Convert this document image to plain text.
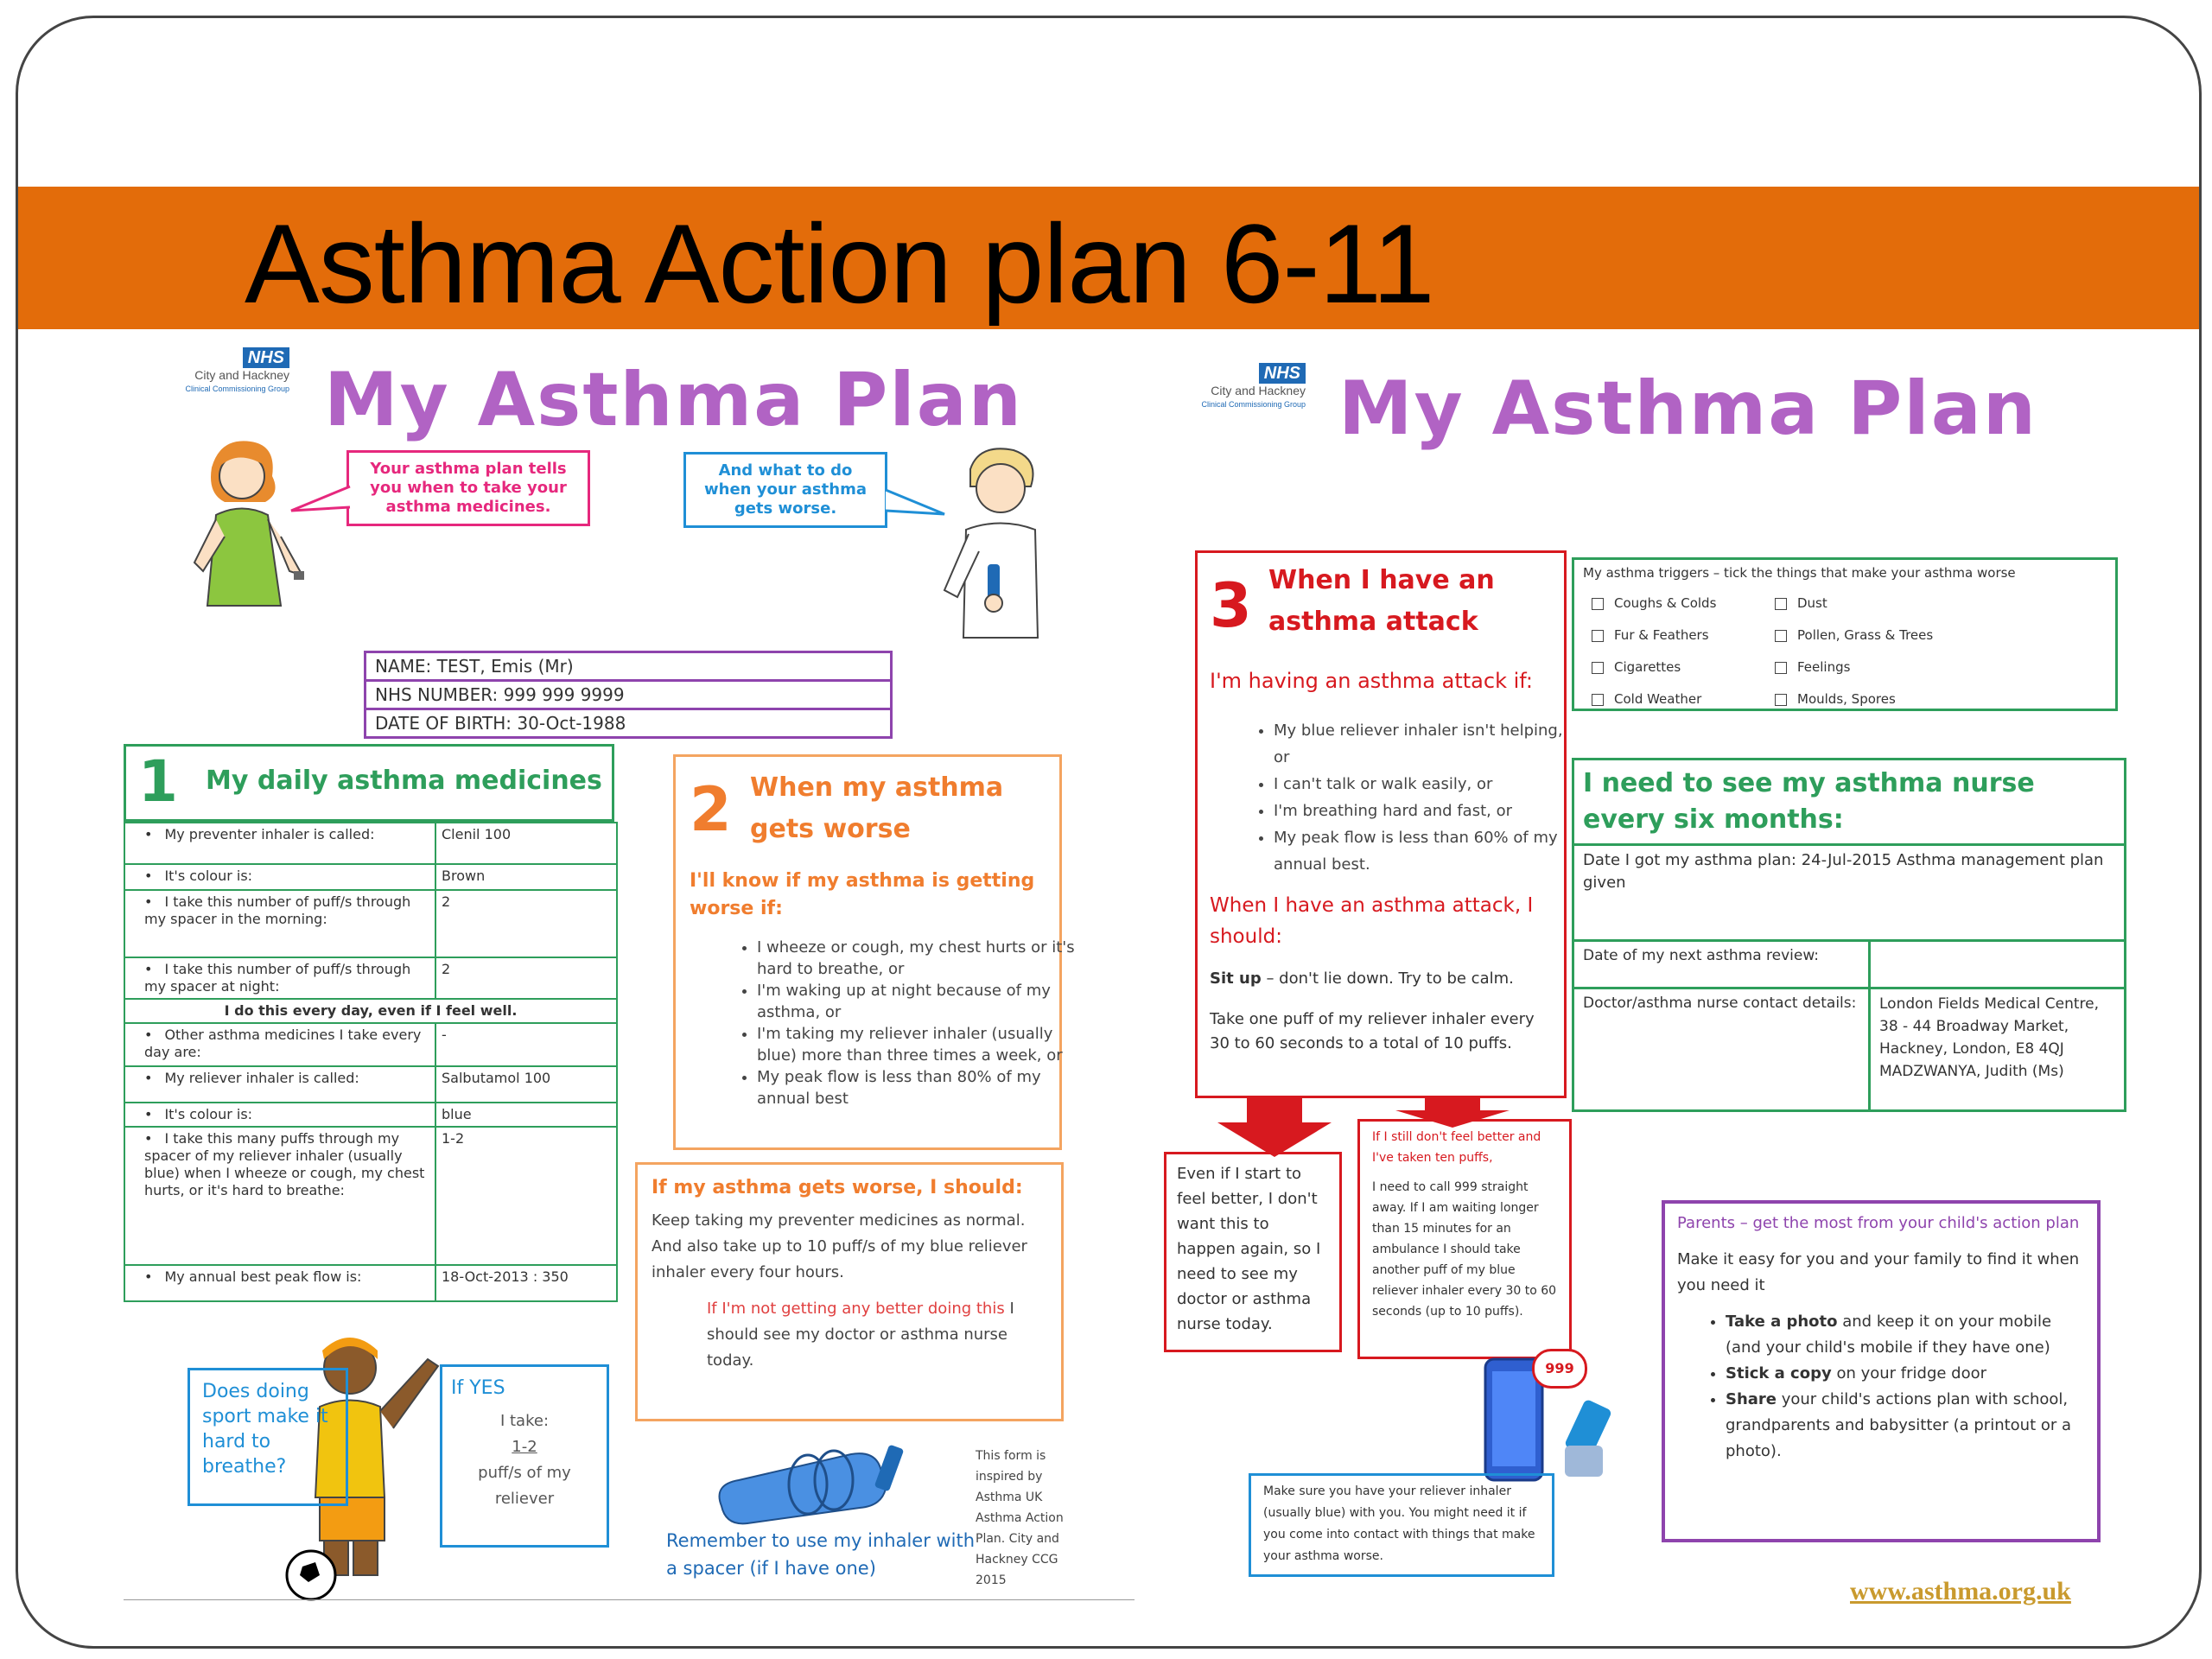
Asthma Action plan 6-11
NHS
City and Hackney
Clinical Commissioning Group My Asthma Plan
Your asthma plan tells you when to take your asthma medicines.
And what to do when your asthma gets worse.
NAME: TEST, Emis (Mr)
NHS NUMBER: 999 999 9999
DATE OF BIRTH: 30-Oct-1988
1 My daily asthma medicines
• My preventer inhaler is called:	Clenil 100
• It's colour is:	Brown
• I take this number of puff/s through my spacer in the morning:	2
• I take this number of puff/s through my spacer at night:	2
I do this every day, even if I feel well.	
• Other asthma medicines I take every day are:	-
• My reliever inhaler is called:	Salbutamol 100
• It's colour is:	blue
• I take this many puffs through my spacer of my reliever inhaler (usually blue) when I wheeze or cough, my chest hurts, or it's hard to breathe:	1-2
• My annual best peak flow is:	18-Oct-2013 : 350
2 When my asthma
gets worse
I'll know if my asthma is getting worse if:
• I wheeze or cough, my chest hurts or it's hard to breathe, or
• I'm waking up at night because of my asthma, or
• I'm taking my reliever inhaler (usually blue) more than three times a week, or
• My peak flow is less than 80% of my annual best
If my asthma gets worse, I should:
Keep taking my preventer medicines as normal. And also take up to 10 puff/s of my blue reliever inhaler every four hours.
If I'm not getting any better doing this I should see my doctor or asthma nurse today.
7
Does doing sport make it hard to breathe?
If YES
I take:
1-2
puff/s of my reliever
Remember to use my inhaler with a spacer (if I have one)
This form is inspired by Asthma UK Asthma Action Plan. City and Hackney CCG 2015
NHS
City and Hackney
Clinical Commissioning Group My Asthma Plan
3 When I have an
asthma attack
I'm having an asthma attack if:
• My blue reliever inhaler isn't helping, or
• I can't talk or walk easily, or
• I'm breathing hard and fast, or
• My peak flow is less than 60% of my annual best.
When I have an asthma attack, I should:
Sit up – don't lie down. Try to be calm.
Take one puff of my reliever inhaler every 30 to 60 seconds to a total of 10 puffs.
Even if I start to feel better, I don't want this to happen again, so I need to see my doctor or asthma nurse today.
If I still don't feel better and I've taken ten puffs,
I need to call 999 straight away. If I am waiting longer than 15 minutes for an ambulance I should take another puff of my blue reliever inhaler every 30 to 60 seconds (up to 10 puffs).
999
Make sure you have your reliever inhaler (usually blue) with you. You might need it if you come into contact with things that make your asthma worse.
My asthma triggers – tick the things that make your asthma worse
Coughs & Colds
Fur & Feathers
Cigarettes
Cold Weather
Dust
Pollen, Grass & Trees
Feelings
Moulds, Spores
I need to see my asthma nurse every six months:
Date I got my asthma plan: 24-Jul-2015 Asthma management plan given
Date of my next asthma review:
Doctor/asthma nurse contact details:	London Fields Medical Centre, 38 - 44 Broadway Market, Hackney, London, E8 4QJ MADZWANYA, Judith (Ms)
Parents – get the most from your child's action plan
Make it easy for you and your family to find it when you need it
• Take a photo and keep it on your mobile (and your child's mobile if they have one)
• Stick a copy on your fridge door
• Share your child's actions plan with school, grandparents and babysitter (a printout or a photo).
www.asthma.org.uk
